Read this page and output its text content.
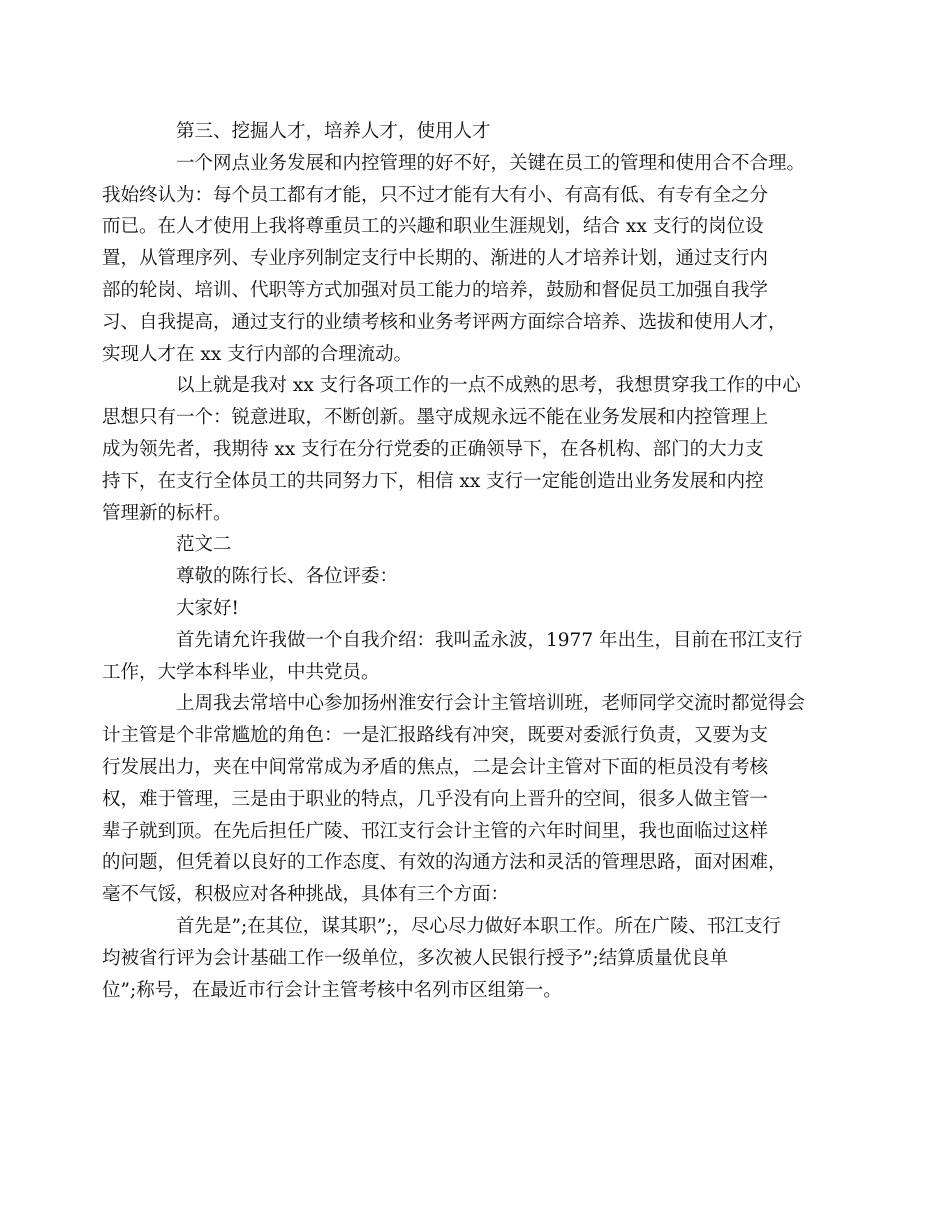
第三、挖掘人才，培养人才，使用人才

一个网点业务发展和内控管理的好不好，关键在员工的管理和使用合不合理。
我始终认为：每个员工都有才能，只不过才能有大有小、有高有低、有专有全之分
而已。在人才使用上我将尊重员工的兴趣和职业生涯规划，结合 xx 支行的岗位设
置，从管理序列、专业序列制定支行中长期的、渐进的人才培养计划，通过支行内
部的轮岗、培训、代职等方式加强对员工能力的培养，鼓励和督促员工加强自我学
习、自我提高，通过支行的业绩考核和业务考评两方面综合培养、选拔和使用人才，
实现人才在 xx 支行内部的合理流动。

以上就是我对 xx 支行各项工作的一点不成熟的思考，我想贯穿我工作的中心
思想只有一个：锐意进取，不断创新。墨守成规永远不能在业务发展和内控管理上
成为领先者，我期待 xx 支行在分行党委的正确领导下，在各机构、部门的大力支
持下，在支行全体员工的共同努力下，相信 xx 支行一定能创造出业务发展和内控
管理新的标杆。

范文二

尊敬的陈行长、各位评委：

大家好!

首先请允许我做一个自我介绍：我叫孟永波，1977 年出生，目前在邗江支行
工作，大学本科毕业，中共党员。

上周我去常培中心参加扬州淮安行会计主管培训班，老师同学交流时都觉得会
计主管是个非常尴尬的角色：一是汇报路线有冲突，既要对委派行负责，又要为支
行发展出力，夹在中间常常成为矛盾的焦点，二是会计主管对下面的柜员没有考核
权，难于管理，三是由于职业的特点，几乎没有向上晋升的空间，很多人做主管一
辈子就到顶。在先后担任广陵、邗江支行会计主管的六年时间里，我也面临过这样
的问题，但凭着以良好的工作态度、有效的沟通方法和灵活的管理思路，面对困难，
毫不气馁，积极应对各种挑战，具体有三个方面：

首先是”;在其位，谋其职”;，尽心尽力做好本职工作。所在广陵、邗江支行
均被省行评为会计基础工作一级单位，多次被人民银行授予”;结算质量优良单
位”;称号，在最近市行会计主管考核中名列市区组第一。
